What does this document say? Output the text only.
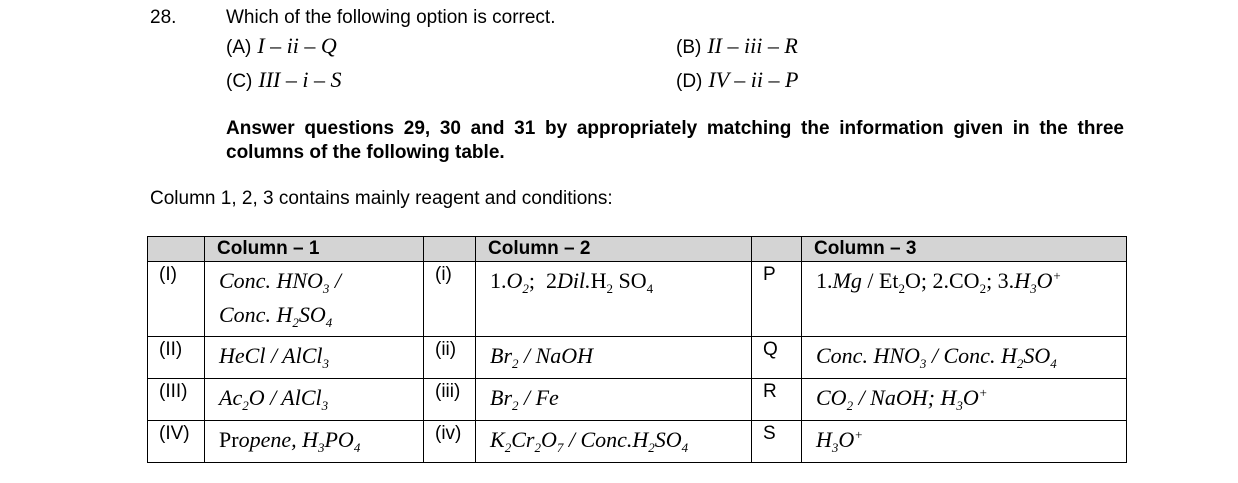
28.	Which of the following option is correct.
(A) I – ii – Q	(B) II – iii – R
(C) III – i – S	(D) IV – ii – P
Answer questions 29, 30 and 31 by appropriately matching the information given in the three columns of the following table.
Column 1, 2, 3 contains mainly reagent and conditions:
	Column – 1		Column – 2		Column – 3
(I)	Conc. $HNO_3$ /
Conc. $H_2SO_4$	(i)	$1.O_2$;  $2Dil.H_2$ $SO_4$	P	$1.Mg / Et_2O$; $2.CO_2$; $3.H_3O^+$

(II)	HeCl / AlCl$_3$	(ii)	$Br_2$ / NaOH	Q	Conc. $HNO_3$ / Conc. $H_2SO_4$

(III)	$Ac_2O$ / AlCl$_3$	(iii)	$Br_2$ / Fe	R	$CO_2$ / NaOH; $H_3O^+$

(IV)	Propene, $H_3PO_4$	(iv)	$K_2Cr_2O_7$ / $Conc.H_2SO_4$	S	$H_3O^+$
